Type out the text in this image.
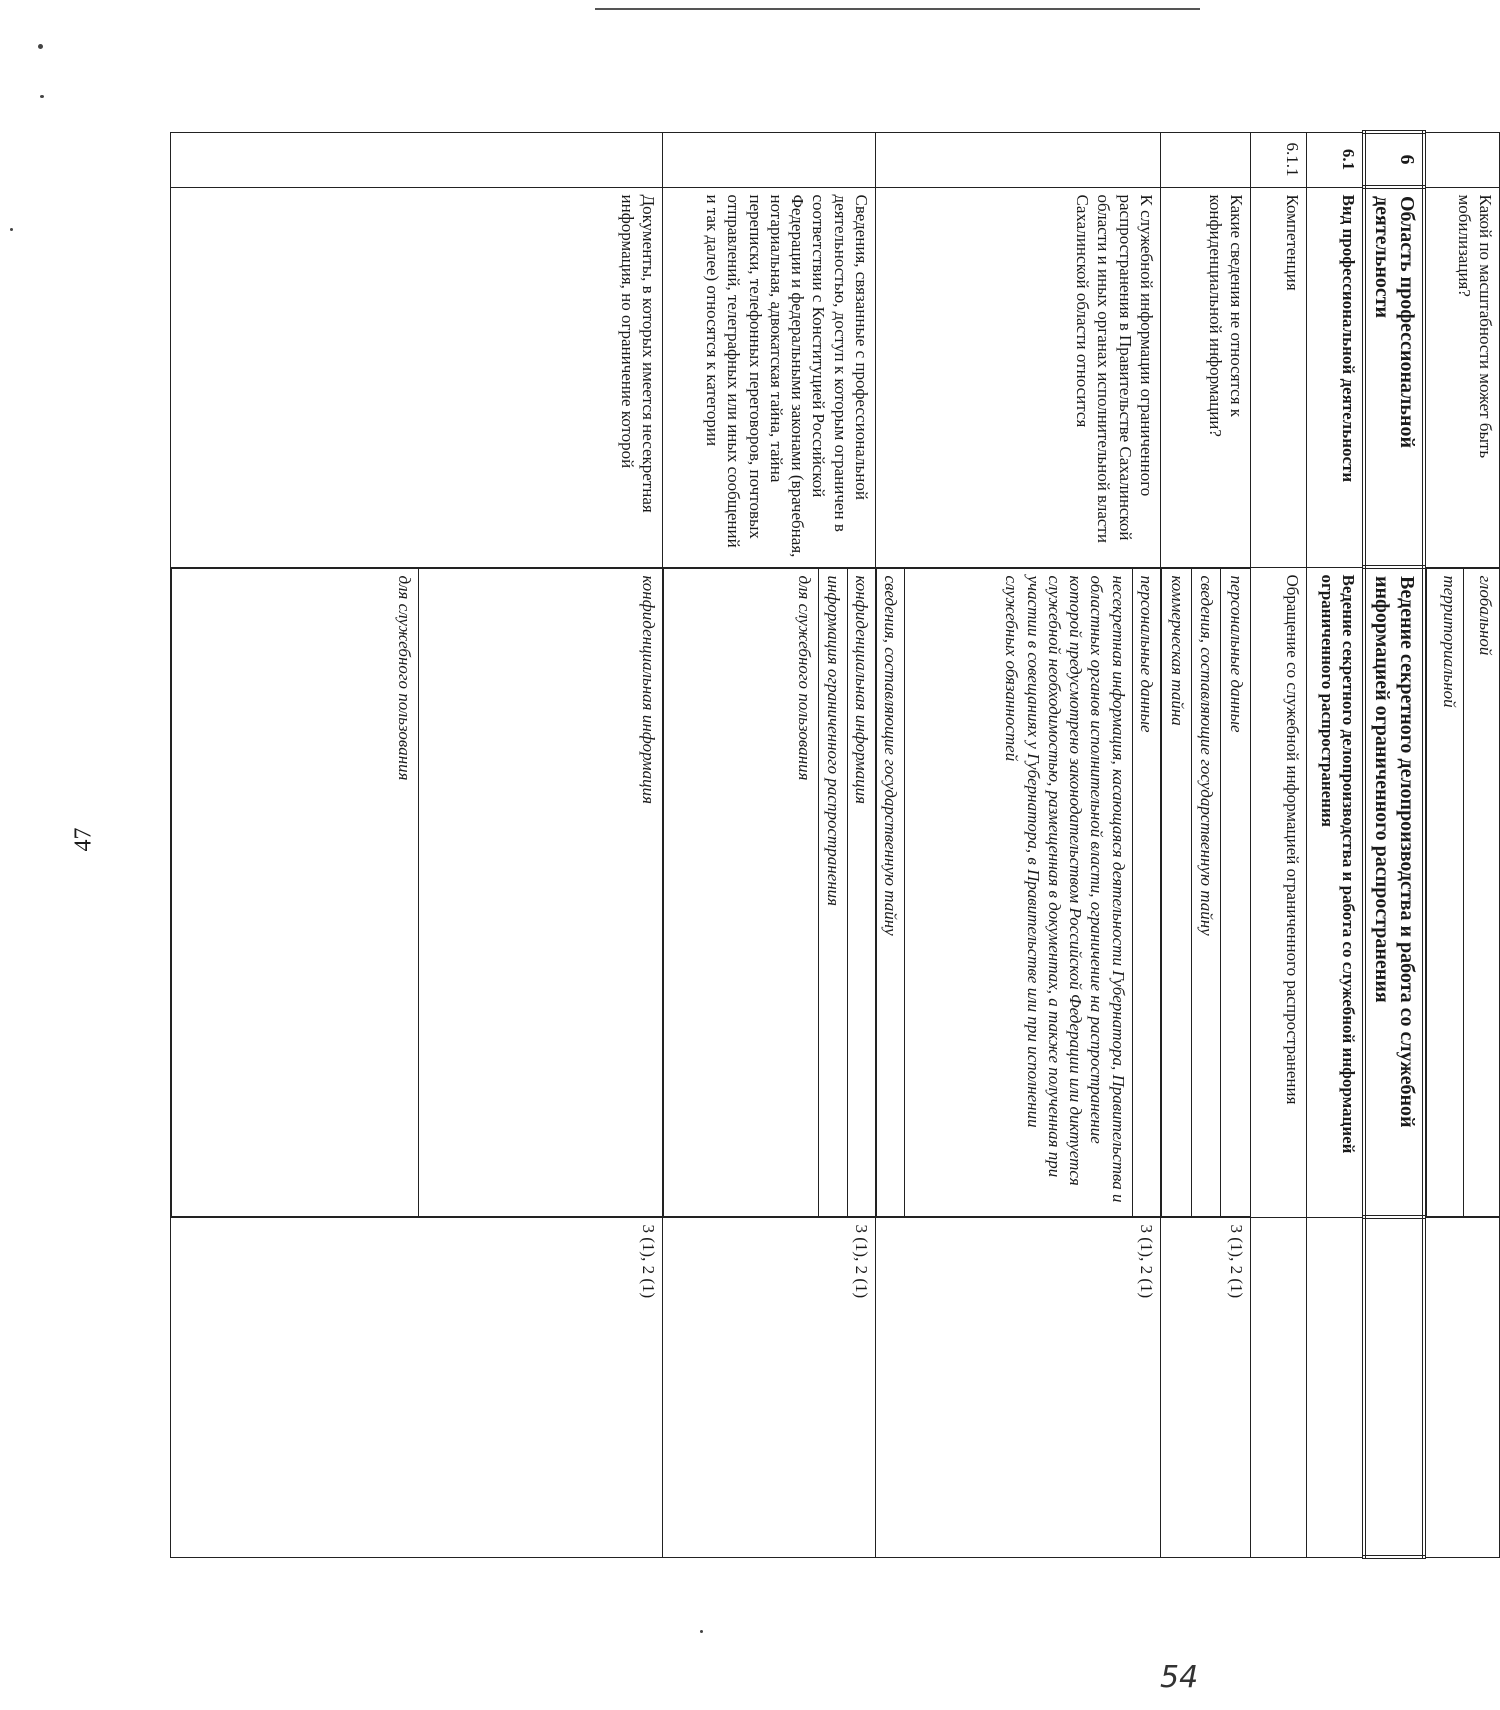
47
54
	Какой по масштабности может быть мобилизация?	
глобальной
территориальной

6	Область профессиональной деятельности	Ведение секретного делопроизводства и работа со служебной информацией ограниченного распространения	
6.1	Вид профессиональной деятельности	Ведение секретного делопроизводства и работа со служебной информацией ограниченного распространения	
6.1.1	Компетенция	Обращение со служебной информацией ограниченного распространения	
	Какие сведения не относятся к конфиденциальной информации?	
персональные данные
сведения, составляющие государственную тайну
коммерческая тайна
	3 (1), 2 (1)
	К служебной информации ограниченного распространения в Правительстве Сахалинской области и иных органах исполнительной власти Сахалинской области относится	
персональные данные
несекретная информация, касающаяся деятельности Губернатора, Правительства и областных органов исполнительной власти, ограничение на распространение которой предусмотрено законодательством Российской Федерации или диктуется служебной необходимостью, размещенная в документах, а также полученная при участии в совещаниях у Губернатора, в Правительстве или при исполнении служебных обязанностей
сведения, составляющие государственную тайну
	3 (1), 2 (1)
	Сведения, связанные с профессиональной деятельностью, доступ к которым ограничен в соответствии с Конституцией Российской Федерации и федеральными законами (врачебная, нотариальная, адвокатская тайна, тайна переписки, телефонных переговоров, почтовых отправлений, телеграфных или иных сообщений и так далее) относятся к категории	
конфиденциальная информация
информация ограниченного распространения
для служебного пользования
	3 (1), 2 (1)
	Документы, в которых имеется несекретная информация, но ограничение которой	
конфиденциальная информация
для служебного пользования
	3 (1), 2 (1)
